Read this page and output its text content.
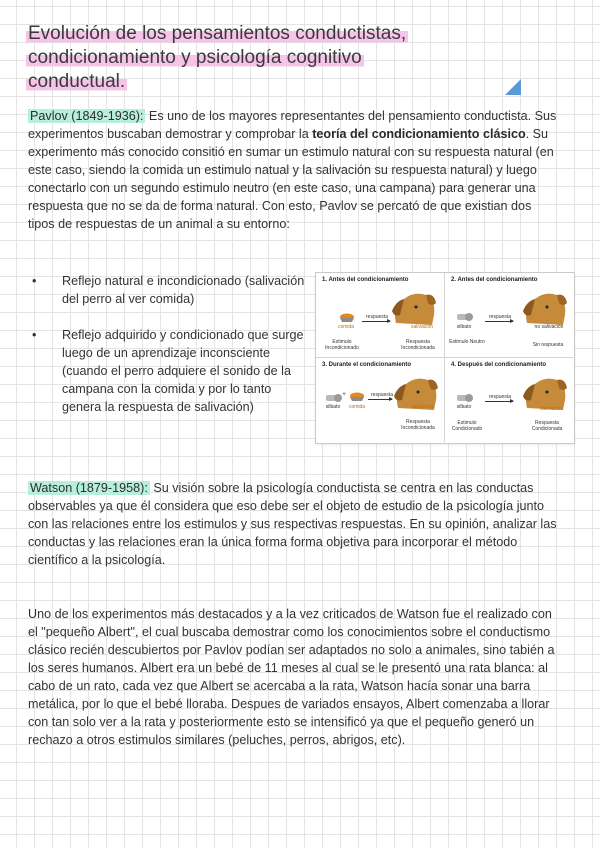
Evolución de los pensamientos conductistas,
condicionamiento y psicología cognitivo
conductual.

Pavlov (1849-1936): Es uno de los mayores representantes del pensamiento conductista. Sus experimentos buscaban demostrar y comprobar la teoría del condicionamiento clásico. Su experimento más conocido consitió en sumar un estimulo natural con su respuesta natural (en este caso, siendo la comida un estimulo natual y la salivación su respuesta natural) y luego conectarlo con un segundo estimulo neutro (en este caso, una campana) para generar una respuesta que no se da de forma natural. Con esto, Pavlov se percató de que existian dos tipos de respuestas de un animal a su entorno:

• Reflejo natural e incondicionado (salivación del perro al ver comida)
• Reflejo adquirido y condicionado que surge luego de un aprendizaje inconsciente (cuando el perro adquiere el sonido de la campana con la comida y por lo tanto genera la respuesta de salivación)
1. Antes del condicionamiento
comida
respuesta
salivación
Estimulo Incondicionado
Respuesta Incondicionada
2. Antes del condicionamiento
silbato
respuesta
no salivación
Estimulo Neutro	Sin respuesta
3. Durante el condicionamiento
+
silbato	comida
respuesta
salivación
Respuesta Incondicionada
4. Después del condicionamiento
silbato
respuesta
salivación
Estimulo Condicionado
Respuesta Condicionada

Watson (1879-1958): Su visión sobre la psicología conductista se centra en las conductas observables ya que él considera que eso debe ser el objeto de estudio de la psicología junto con las relaciones entre los estimulos y sus respectivas respuestas. En su opinión, analizar las conductas y las relaciones eran la única forma forma objetiva para incorporar el método científico a la psicología.

Uno de los experimentos más destacados y a la vez criticados de Watson fue el realizado con el "pequeño Albert", el cual buscaba demostrar como los conocimientos sobre el conductismo clásico recién descubiertos por Pavlov podían ser adaptados no solo a animales, sino tabién a los seres humanos. Albert era un bebé de 11 meses al cual se le presentó una rata blanca: al cabo de un rato, cada vez que Albert se acercaba a la rata, Watson hacía sonar una barra metálica, por lo que el bebé lloraba. Despues de variados ensayos, Albert comenzaba a llorar con tan solo ver a la rata y posteriormente esto se intensificó ya que el pequeño generó un rechazo a otros estimulos similares (peluches, perros, abrigos, etc).
